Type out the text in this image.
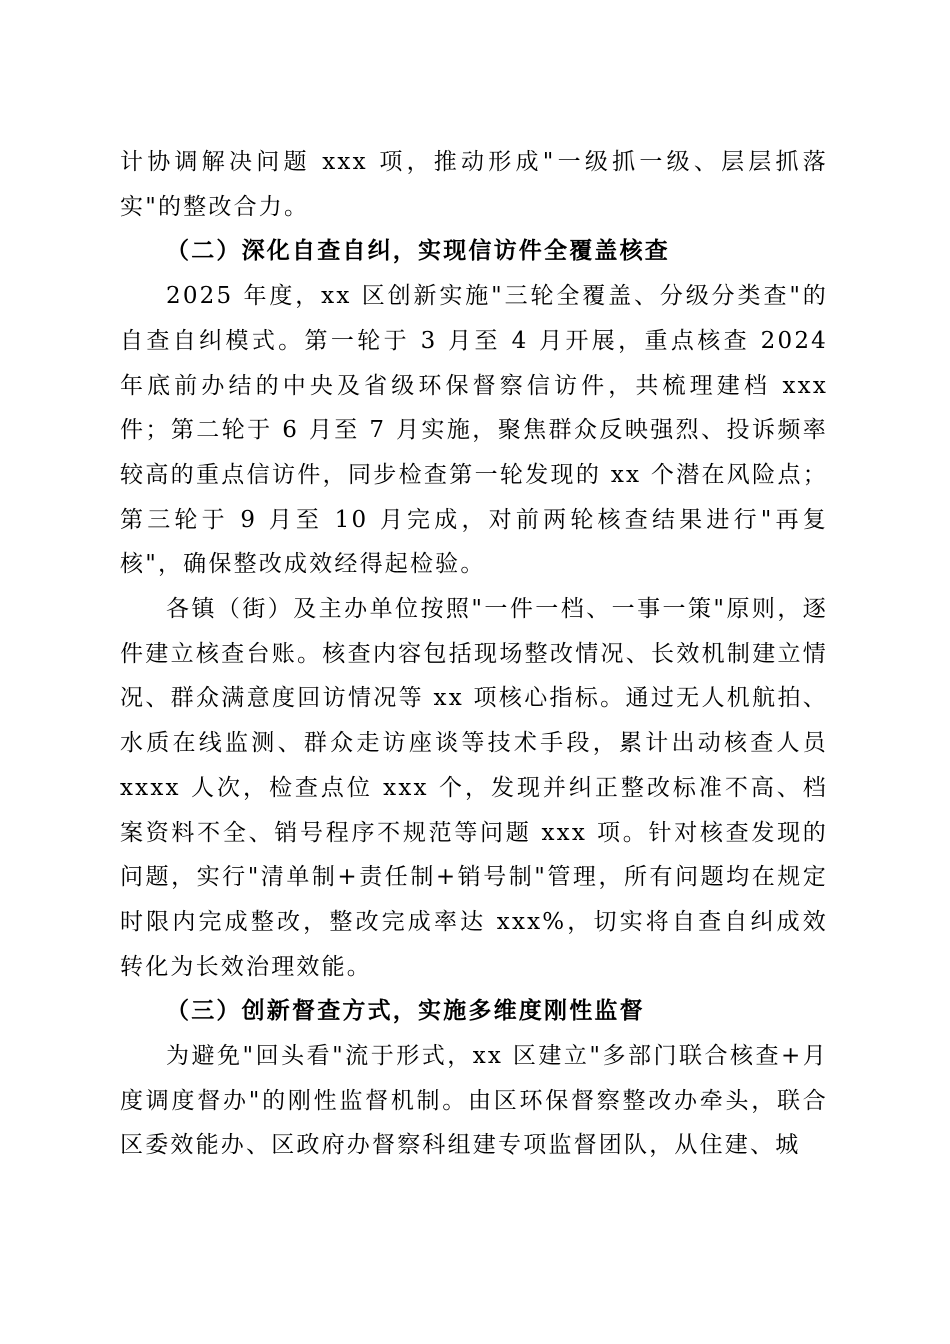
计协调解决问题 xxx 项，推动形成"一级抓一级、层层抓落实"的整改合力。

（二）深化自查自纠，实现信访件全覆盖核查

2025 年度，xx 区创新实施"三轮全覆盖、分级分类查"的自查自纠模式。第一轮于 3 月至 4 月开展，重点核查 2024 年底前办结的中央及省级环保督察信访件，共梳理建档 xxx 件；第二轮于 6 月至 7 月实施，聚焦群众反映强烈、投诉频率较高的重点信访件，同步检查第一轮发现的 xx 个潜在风险点；第三轮于 9 月至 10 月完成，对前两轮核查结果进行"再复核"，确保整改成效经得起检验。

各镇（街）及主办单位按照"一件一档、一事一策"原则，逐件建立核查台账。核查内容包括现场整改情况、长效机制建立情况、群众满意度回访情况等 xx 项核心指标。通过无人机航拍、水质在线监测、群众走访座谈等技术手段，累计出动核查人员 xxxx 人次，检查点位 xxx 个，发现并纠正整改标准不高、档案资料不全、销号程序不规范等问题 xxx 项。针对核查发现的问题，实行"清单制+责任制+销号制"管理，所有问题均在规定时限内完成整改，整改完成率达 xxx%，切实将自查自纠成效转化为长效治理效能。

（三）创新督查方式，实施多维度刚性监督

为避免"回头看"流于形式，xx 区建立"多部门联合核查+月度调度督办"的刚性监督机制。由区环保督察整改办牵头，联合区委效能办、区政府办督察科组建专项监督团队，从住建、城
